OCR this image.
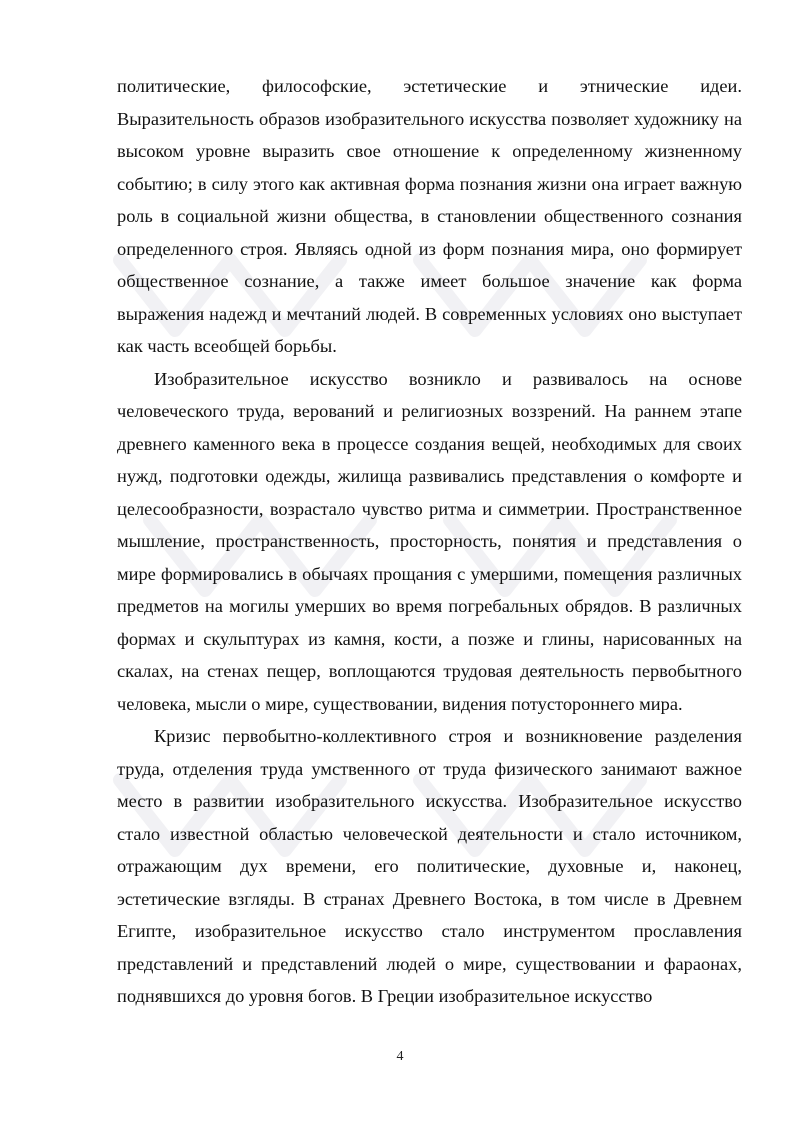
политические, философские, эстетические и этнические идеи. Выразительность образов изобразительного искусства позволяет художнику на высоком уровне выразить свое отношение к определенному жизненному событию; в силу этого как активная форма познания жизни она играет важную роль в социальной жизни общества, в становлении общественного сознания определенного строя. Являясь одной из форм познания мира, оно формирует общественное сознание, а также имеет большое значение как форма выражения надежд и мечтаний людей. В современных условиях оно выступает как часть всеобщей борьбы.

Изобразительное искусство возникло и развивалось на основе человеческого труда, верований и религиозных воззрений. На раннем этапе древнего каменного века в процессе создания вещей, необходимых для своих нужд, подготовки одежды, жилища развивались представления о комфорте и целесообразности, возрастало чувство ритма и симметрии. Пространственное мышление, пространственность, просторность, понятия и представления о мире формировались в обычаях прощания с умершими, помещения различных предметов на могилы умерших во время погребальных обрядов. В различных формах и скульптурах из камня, кости, а позже и глины, нарисованных на скалах, на стенах пещер, воплощаются трудовая деятельность первобытного человека, мысли о мире, существовании, видения потустороннего мира.

Кризис первобытно-коллективного строя и возникновение разделения труда, отделения труда умственного от труда физического занимают важное место в развитии изобразительного искусства. Изобразительное искусство стало известной областью человеческой деятельности и стало источником, отражающим дух времени, его политические, духовные и, наконец, эстетические взгляды. В странах Древнего Востока, в том числе в Древнем Египте, изобразительное искусство стало инструментом прославления представлений и представлений людей о мире, существовании и фараонах, поднявшихся до уровня богов. В Греции изобразительное искусство

4
